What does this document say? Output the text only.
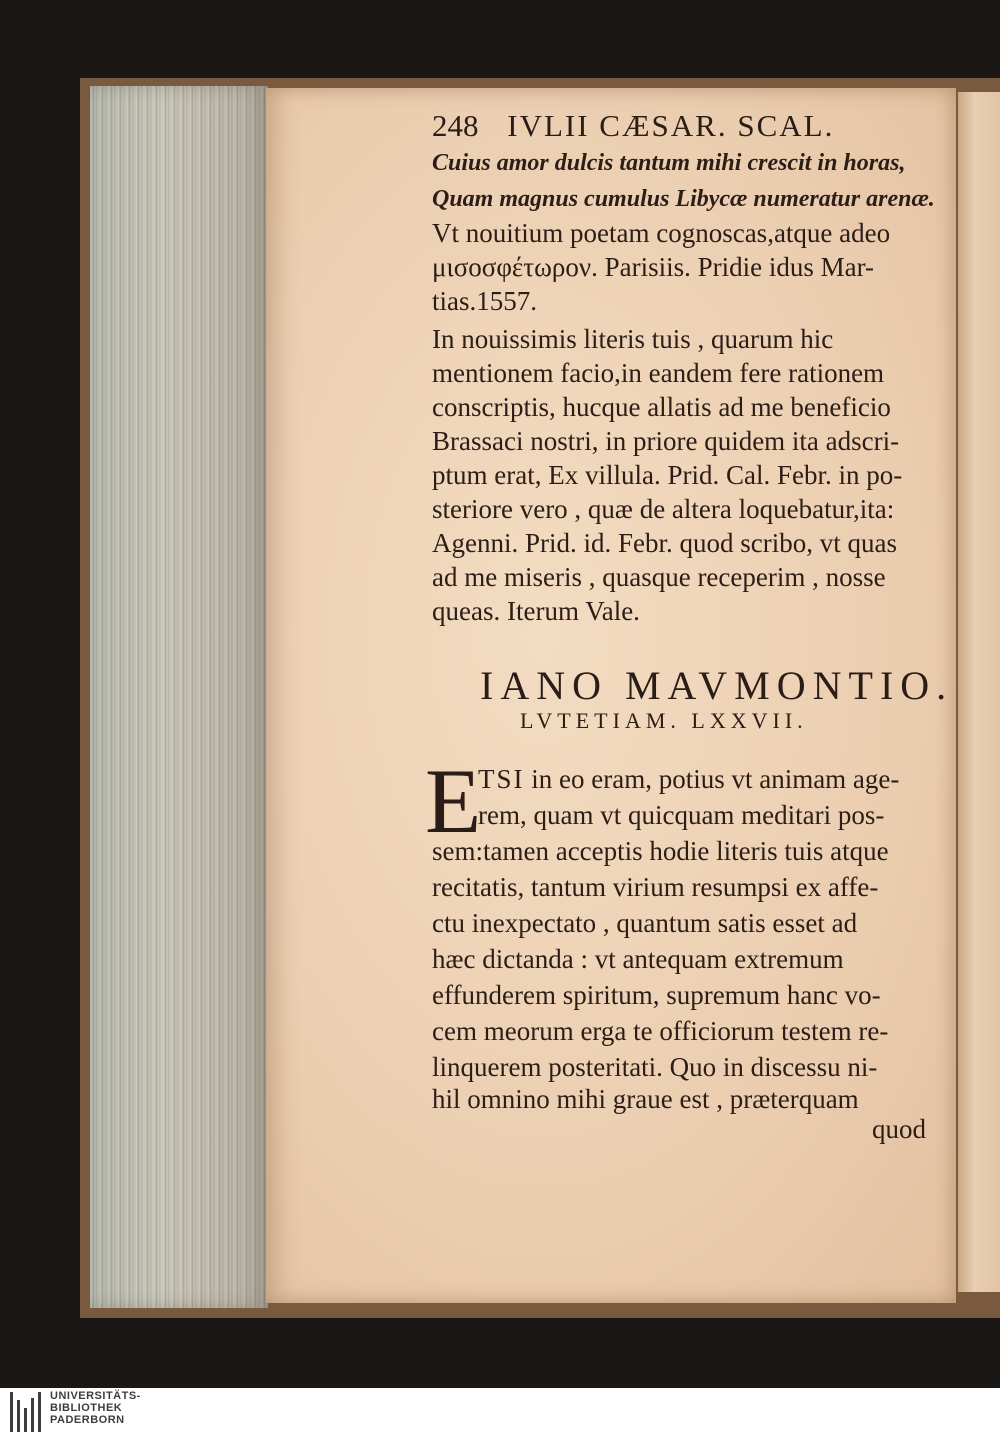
248 IVLII CÆSAR. SCAL.
Cuius amor dulcis tantum mihi crescit in horas,
Quam magnus cumulus Libycæ numeratur arenæ.
Vt nouitium poetam cognoscas,atque adeo
μισοσφέτωρον. Parisiis. Pridie idus Mar-
tias.1557.
In nouissimis literis tuis , quarum hic
mentionem facio,in eandem fere rationem
conscriptis, hucque allatis ad me beneficio
Brassaci nostri, in priore quidem ita adscri-
ptum erat, Ex villula. Prid. Cal. Febr. in po-
steriore vero , quæ de altera loquebatur,ita:
Agenni. Prid. id. Febr. quod scribo, vt quas
ad me miseris , quasque receperim , nosse
queas. Iterum Vale.
IANO MAVMONTIO.
LVTETIAM. LXXVII.
E
TSI in eo eram, potius vt animam age-
rem, quam vt quicquam meditari pos-
sem:tamen acceptis hodie literis tuis atque
recitatis, tantum virium resumpsi ex affe-
ctu inexpectato , quantum satis esset ad
hæc dictanda : vt antequam extremum
effunderem spiritum, supremum hanc vo-
cem meorum erga te officiorum testem re-
linquerem posteritati. Quo in discessu ni-
hil omnino mihi graue est , præterquam
quod
UNIVERSITÄTS-
BIBLIOTHEK
PADERBORN
